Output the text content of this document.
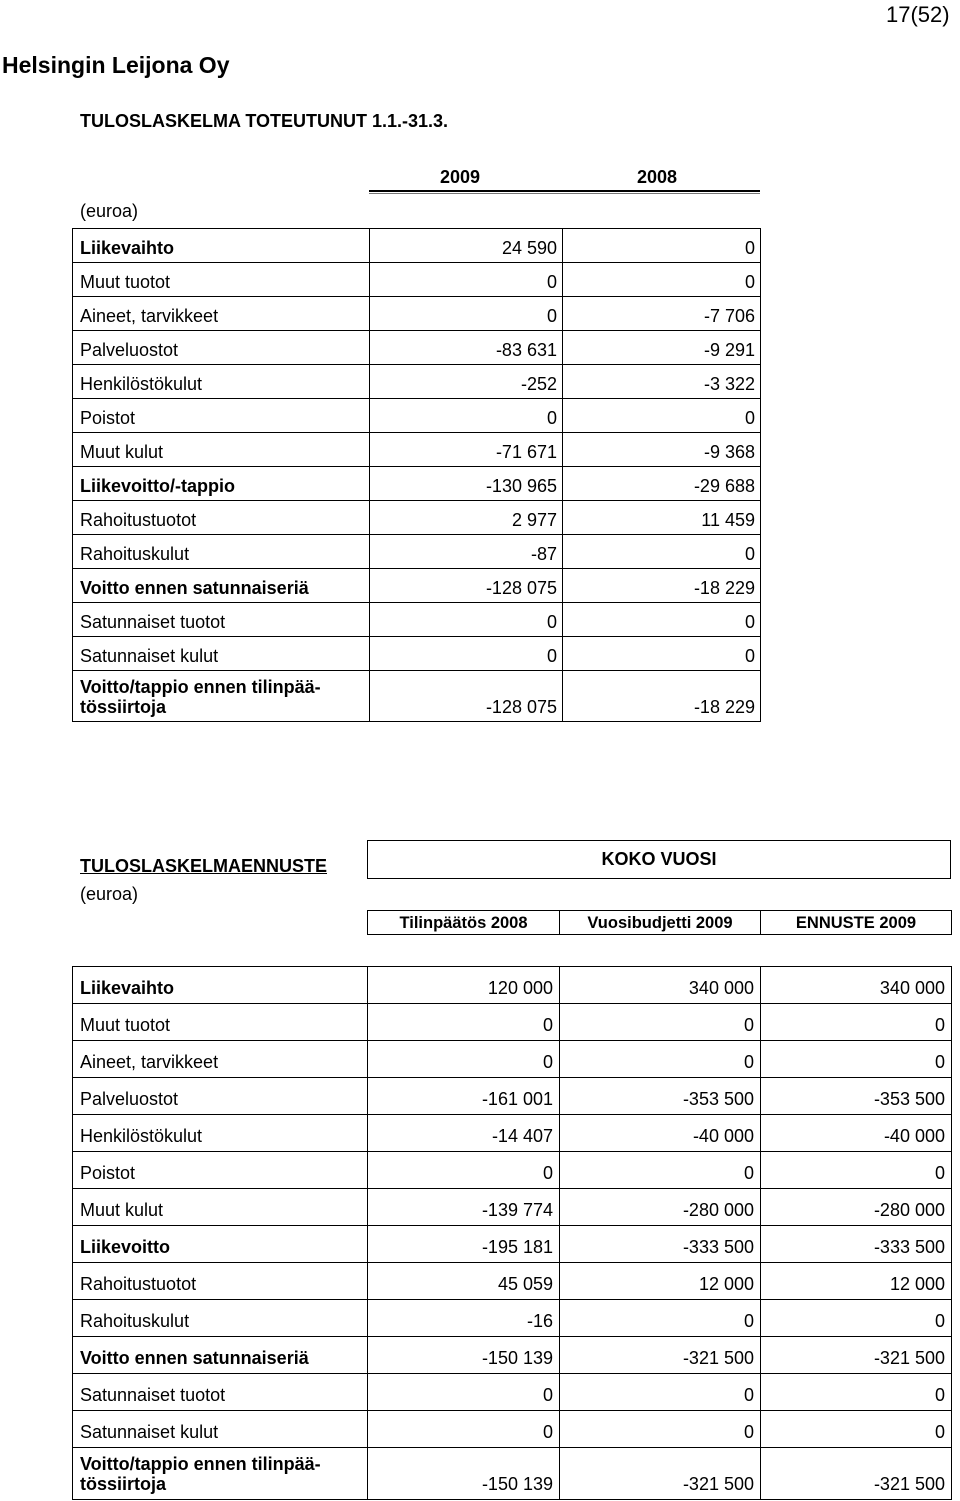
17(52)
Helsingin Leijona Oy
TULOSLASKELMA TOTEUTUNUT 1.1.-31.3.
2009	2008
(euroa)
Liikevaihto	24 590	0
Muut tuotot	0	0
Aineet, tarvikkeet	0	-7 706
Palveluostot	-83 631	-9 291
Henkilöstökulut	-252	-3 322
Poistot	0	0
Muut kulut	-71 671	-9 368
Liikevoitto/-tappio	-130 965	-29 688
Rahoitustuotot	2 977	11 459
Rahoituskulut	-87	0
Voitto ennen satunnaiseriä	-128 075	-18 229
Satunnaiset tuotot	0	0
Satunnaiset kulut	0	0
Voitto/tappio ennen tilinpää-
tössiirtoja	-128 075	-18 229
TULOSLASKELMAENNUSTE
(euroa)
KOKO VUOSI
Tilinpäätös 2008	Vuosibudjetti 2009	ENNUSTE 2009
Liikevaihto	120 000	340 000	340 000
Muut tuotot	0	0	0
Aineet, tarvikkeet	0	0	0
Palveluostot	-161 001	-353 500	-353 500
Henkilöstökulut	-14 407	-40 000	-40 000
Poistot	0	0	0
Muut kulut	-139 774	-280 000	-280 000
Liikevoitto	-195 181	-333 500	-333 500
Rahoitustuotot	45 059	12 000	12 000
Rahoituskulut	-16	0	0
Voitto ennen satunnaiseriä	-150 139	-321 500	-321 500
Satunnaiset tuotot	0	0	0
Satunnaiset kulut	0	0	0
Voitto/tappio ennen tilinpää-
tössiirtoja	-150 139	-321 500	-321 500
